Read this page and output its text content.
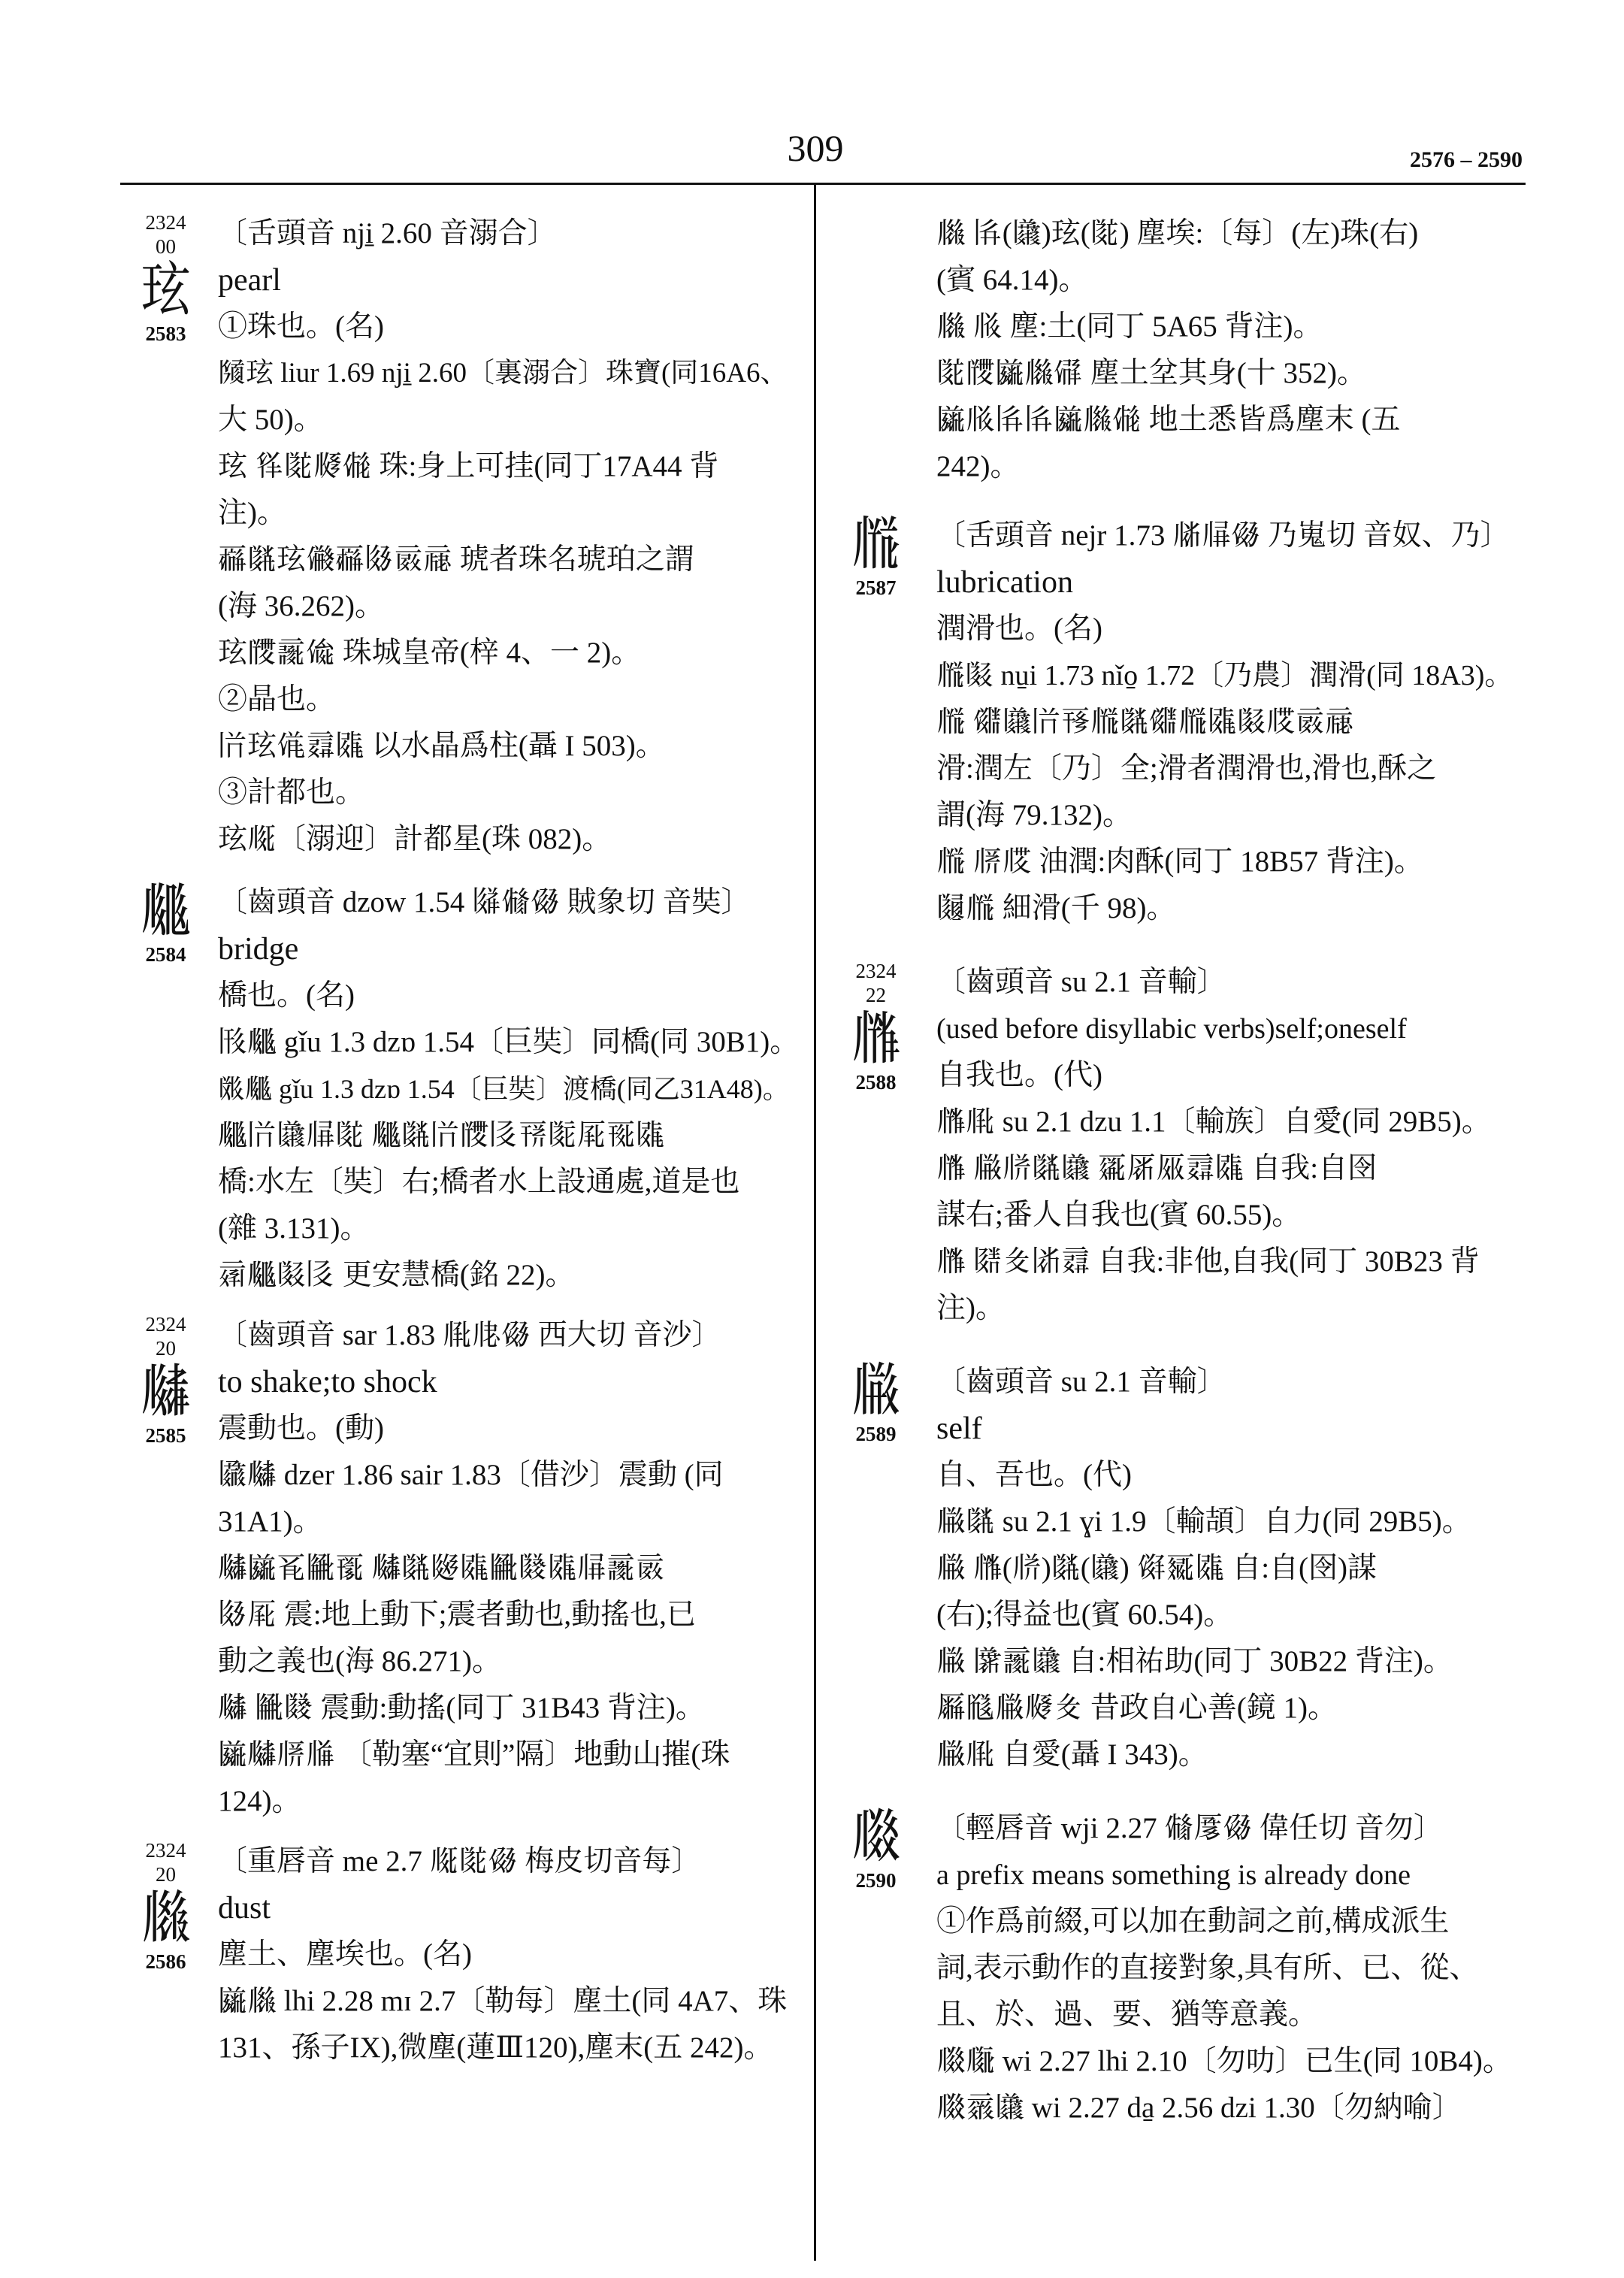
309	2576 – 2590
2324
00
玹
2583
〔舌頭音 nji̱ 2.60 音溺合〕
pearl
①珠也。(名)
𗂧玹 liur 1.69 nji̱ 2.60〔裏溺合〕珠寶(同16A6、
大 50)。
玹 𗃛𗂇𗅞𗃡 珠:身上可挂(同丁17A44 背
注)。
𗀦𗂷玹𗃼𗀦𗁀𗄋𗄊 琥者珠名琥珀之謂
(海 36.262)。
玹𗂬𗄛𗃰 珠城皇帝(梓 4、一 2)。
②晶也。
𗀸玹𗃟𗄕𗂥 以水晶爲柱(聶 I 503)。
③計都也。
玹𗅉〔溺迎〕計都星(珠 082)。
𗆈
2584
〔齒頭音 dzow 1.54 𗂕𗃵𗃜 賊象切 音奘〕
bridge
橋也。(名)
𗁆𗆈 gǐu 1.3 dzɒ 1.54〔巨奘〕同橋(同 30B1)。
𗂂𗆈 gǐu 1.3 dzɒ 1.54〔巨奘〕渡橋(同乙31A48)。
𗆈𗀸𗃏𗅁𗂇 𗆈𗂷𗀸𗂬𗀴𗀊𗂄𗄠𗀔𗂥
橋:水左〔奘〕右;橋者水上設通處,道是也
(雜 3.131)。
𗄃𗆈𗂉𗀴 更安慧橋(銘 22)。
2324
20
𗆌
2585
〔齒頭音 sar 1.83 𗅂𗄷𗃜 西大切 音沙〕
to shake;to shock
震動也。(動)
𗃍𗆌 dzer 1.86 sair 1.83〔借沙〕震動 (同
31A1)。
𗆌𗂱𗀇𗂩𗀡 𗆌𗂷𗁖𗂥𗂩𗃊𗂥𗅁𗄛𗄋
𗁀𗄠 震:地上動下;震者動也,動搖也,已
動之義也(海 86.271)。
𗆌 𗂩𗃊 震動:動搖(同丁 31B43 背注)。
𗂱𗆌𗄸𗅡 〔勒塞“宜則”隔〕地動山摧(珠
124)。
2324
20
𗆍
2586
〔重唇音 me 2.7 𗅉𗂇𗃜 梅皮切音每〕
dust
塵土、塵埃也。(名)
𗂱𗆍 lhi 2.28 mɪ 2.7〔勒每〕塵土(同 4A7、珠
131、孫子IX),微塵(蓮Ⅲ120),塵末(五 242)。
𗆍 𗀵(𗃏)玹(𗂇) 塵埃:〔每〕(左)珠(右)
(賓 64.14)。
𗆍 𗄿 塵:土(同丁 5A65 背注)。
𗂇𗂬𗂱𗆍𗃦 塵土坌其身(十 352)。
𗂱𗄿𗀵𗀵𗂱𗆍𗃡 地土悉皆爲塵末 (五
242)。
𗆎
2587
〔舌頭音 nejr 1.73 𗄳𗅁𗃜 乃嵬切 音奴、乃〕
lubrication
潤滑也。(名)
𗆎𗂉 nu̱i 1.73 nǐo̱ 1.72〔乃農〕潤滑(同 18A3)。
𗆎 𗃽𗃏𗀸𗀂𗆎𗂷𗃽𗆎𗂥𗂉𗅆𗄋𗄊
滑:潤左〔乃〕全;滑者潤滑也,滑也,酥之
謂(海 79.132)。
𗆎 𗄸𗅆 油潤:肉酥(同丁 18B57 背注)。
𗃋𗆎 細滑(千 98)。
2324
22
𗆏
2588
〔齒頭音 su 2.1 音輸〕
(used before disyllabic verbs)self;oneself
自我也。(代)
𗆏𗅂 su 2.1 dzu 1.1〔輸族〕自愛(同 29B5)。
𗆏 𗆐𗄶𗂷𗃏 𗀧𗄞𗄢𗄕𗂥 自我:自囹
謀右;番人自我也(賓 60.55)。
𗆏 𗂦𗃐𗀹𗄕 自我:非他,自我(同丁 30B23 背
注)。
𗆐
2589
〔齒頭音 su 2.1 音輸〕
self
自、吾也。(代)
𗆐𗂷 su 2.1 ɣi 1.9〔輸頡〕自力(同 29B5)。
𗆐 𗆏(𗄶)𗂷(𗃏) 𗃬𗀪𗂥 自:自(囹)謀
(右);得益也(賓 60.54)。
𗆐 𗂴𗄛𗃏 自:相祐助(同丁 30B22 背注)。
𗄥𗂃𗆐𗅞𗃐 昔政自心善(鏡 1)。
𗆐𗅂 自愛(聶 I 343)。
𗆑
2590
〔輕唇音 wji 2.27 𗃵𗄡𗃜 偉任切 音勿〕
a prefix means something is already done
①作爲前綴,可以加在動詞之前,構成派生
詞,表示動作的直接對象,具有所、已、從、
且、於、過、要、猶等意義。
𗆑𗆒 wi 2.27 lhi 2.10〔勿叻〕已生(同 10B4)。
𗆑𗄖𗃏 wi 2.27 da̱ 2.56 dzi 1.30〔勿納喻〕
